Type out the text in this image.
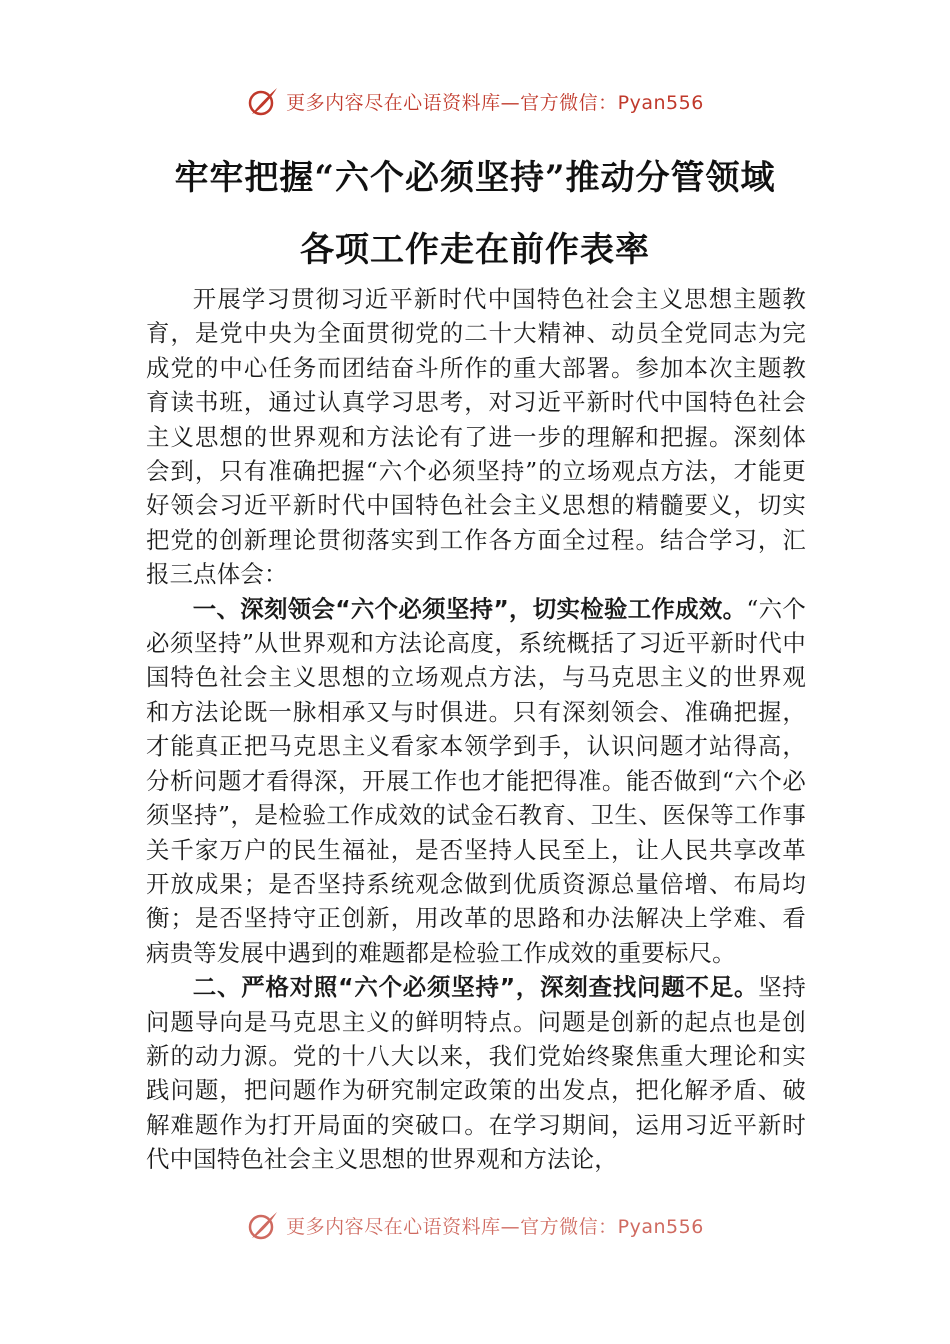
更多内容尽在心语资料库—官方微信：Pyan556
牢牢把握“六个必须坚持”推动分管领域
各项工作走在前作表率

开展学习贯彻习近平新时代中国特色社会主义思想主题教育，是党中央为全面贯彻党的二十大精神、动员全党同志为完成党的中心任务而团结奋斗所作的重大部署。参加本次主题教育读书班，通过认真学习思考，对习近平新时代中国特色社会主义思想的世界观和方法论有了进一步的理解和把握。深刻体会到，只有准确把握“六个必须坚持”的立场观点方法，才能更好领会习近平新时代中国特色社会主义思想的精髓要义，切实把党的创新理论贯彻落实到工作各方面全过程。结合学习，汇报三点体会：

一、深刻领会“六个必须坚持”，切实检验工作成效。“六个必须坚持”从世界观和方法论高度，系统概括了习近平新时代中国特色社会主义思想的立场观点方法，与马克思主义的世界观和方法论既一脉相承又与时俱进。只有深刻领会、准确把握，才能真正把马克思主义看家本领学到手，认识问题才站得高，分析问题才看得深，开展工作也才能把得准。能否做到“六个必须坚持”，是检验工作成效的试金石教育、卫生、医保等工作事关千家万户的民生福祉，是否坚持人民至上，让人民共享改革开放成果；是否坚持系统观念做到优质资源总量倍增、布局均衡；是否坚持守正创新，用改革的思路和办法解决上学难、看病贵等发展中遇到的难题都是检验工作成效的重要标尺。

二、严格对照“六个必须坚持”，深刻查找问题不足。坚持问题导向是马克思主义的鲜明特点。问题是创新的起点也是创新的动力源。党的十八大以来，我们党始终聚焦重大理论和实践问题，把问题作为研究制定政策的出发点，把化解矛盾、破解难题作为打开局面的突破口。在学习期间，运用习近平新时代中国特色社会主义思想的世界观和方法论，

更多内容尽在心语资料库—官方微信：Pyan556
